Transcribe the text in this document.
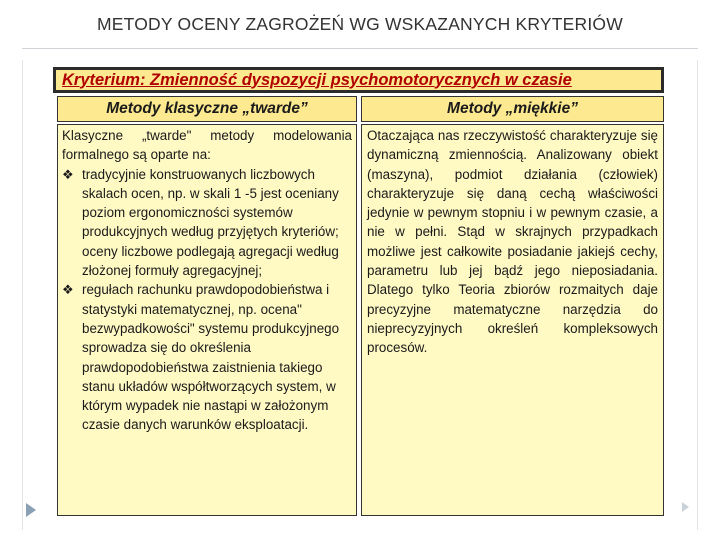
METODY OCENY ZAGROŻEŃ WG WSKAZANYCH KRYTERIÓW
Kryterium: Zmienność dyspozycji psychomotorycznych w czasie
Metody klasyczne „twarde”	Metody „miękkie”

Klasyczne „twarde" metody modelowania formalnego są oparte na:

❖ tradycyjnie konstruowanych liczbowych skalach ocen, np. w skali 1 -5 jest oceniany poziom ergonomiczności systemów produkcyjnych według przyjętych kryteriów; oceny liczbowe podlegają agregacji według złożonej formuły agregacyjnej;
❖ regułach rachunku prawdopodobieństwa i statystyki matematycznej, np. ocena" bezwypadkowości" systemu produkcyjnego sprowadza się do określenia prawdopodobieństwa zaistnienia takiego stanu układów współtworzących system, w którym wypadek nie nastąpi w założonym czasie danych warunków eksploatacji.

Otaczająca nas rzeczywistość charakteryzuje się dynamiczną zmiennością. Analizowany obiekt (maszyna), podmiot działania (człowiek) charakteryzuje się daną cechą właściwości jedynie w pewnym stopniu i w pewnym czasie, a nie w pełni. Stąd w skrajnych przypadkach możliwe jest całkowite posiadanie jakiejś cechy, parametru lub jej bądź jego nieposiadania. Dlatego tylko Teoria zbiorów rozmaitych daje precyzyjne matematyczne narzędzia do nieprecyzyjnych określeń kompleksowych procesów.
